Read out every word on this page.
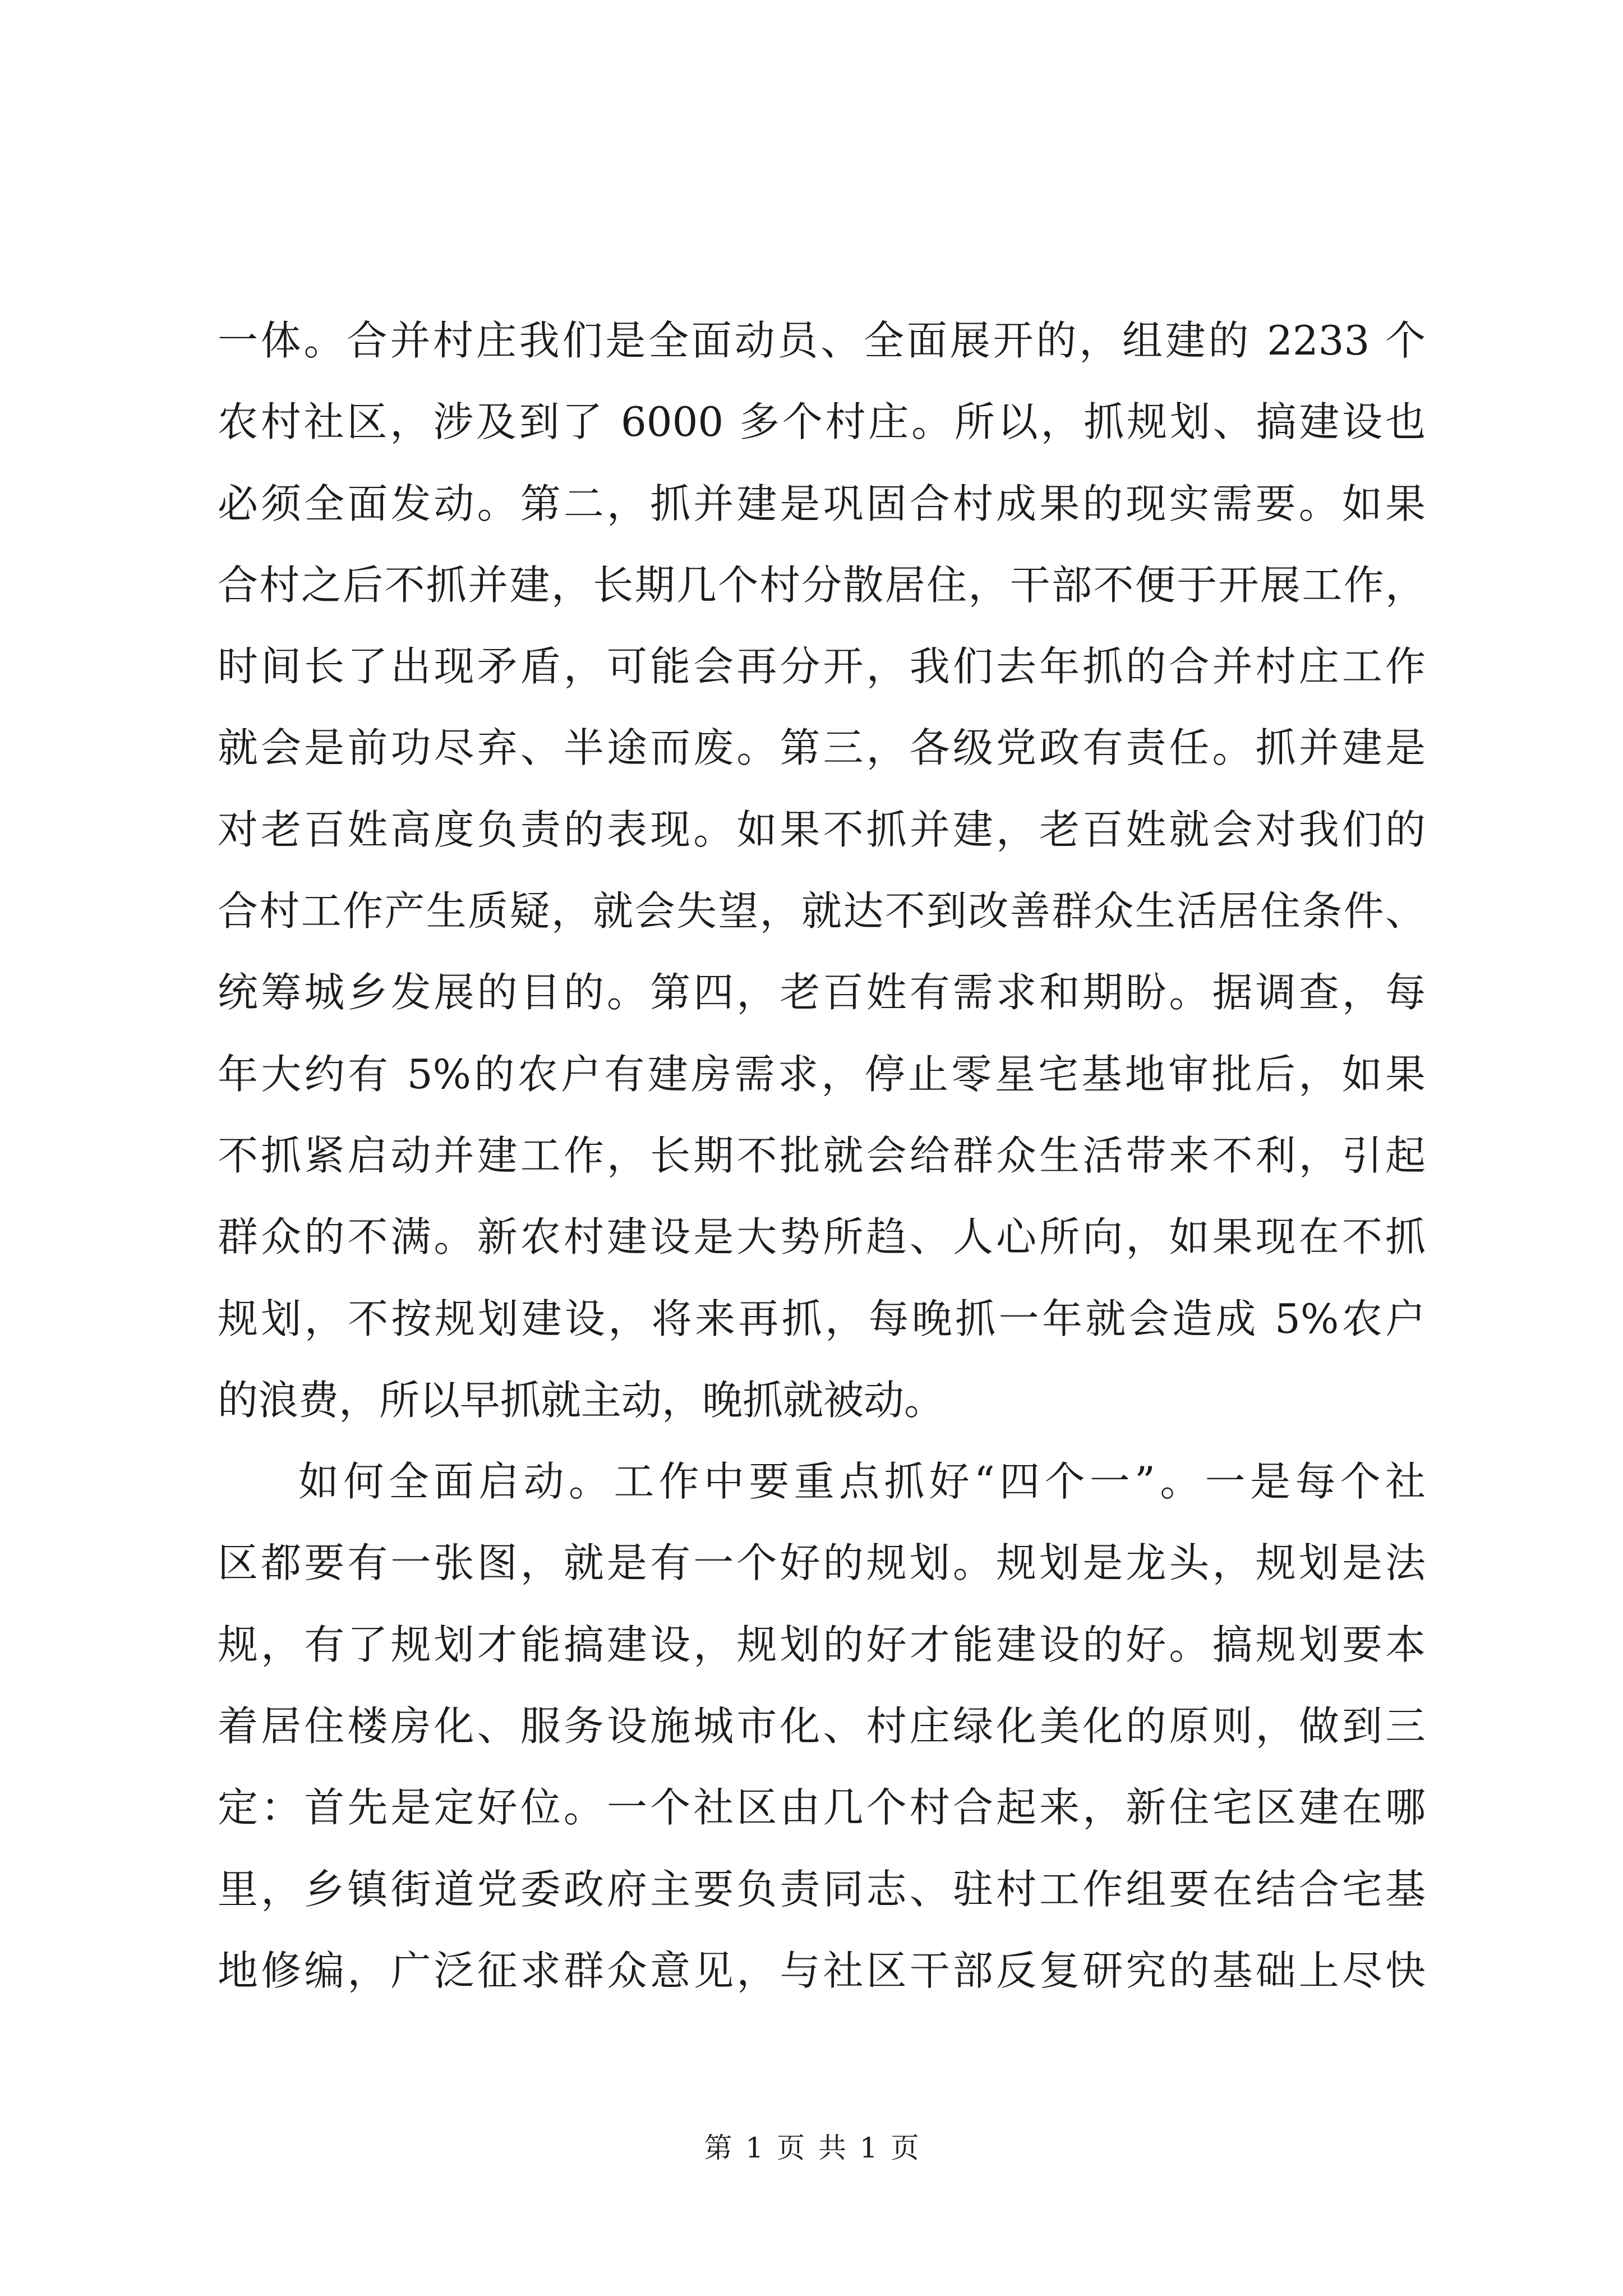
一体。合并村庄我们是全面动员、全面展开的，组建的 2233 个
农村社区，涉及到了 6000 多个村庄。所以，抓规划、搞建设也
必须全面发动。第二，抓并建是巩固合村成果的现实需要。如果
合村之后不抓并建，长期几个村分散居住，干部不便于开展工作，
时间长了出现矛盾，可能会再分开，我们去年抓的合并村庄工作
就会是前功尽弃、半途而废。第三，各级党政有责任。抓并建是
对老百姓高度负责的表现。如果不抓并建，老百姓就会对我们的
合村工作产生质疑，就会失望，就达不到改善群众生活居住条件、
统筹城乡发展的目的。第四，老百姓有需求和期盼。据调查，每
年大约有 5%的农户有建房需求，停止零星宅基地审批后，如果
不抓紧启动并建工作，长期不批就会给群众生活带来不利，引起
群众的不满。新农村建设是大势所趋、人心所向，如果现在不抓
规划，不按规划建设，将来再抓，每晚抓一年就会造成 5%农户
的浪费，所以早抓就主动，晚抓就被动。
如何全面启动。工作中要重点抓好“四个一”。一是每个社
区都要有一张图，就是有一个好的规划。规划是龙头，规划是法
规，有了规划才能搞建设，规划的好才能建设的好。搞规划要本
着居住楼房化、服务设施城市化、村庄绿化美化的原则，做到三
定：首先是定好位。一个社区由几个村合起来，新住宅区建在哪
里，乡镇街道党委政府主要负责同志、驻村工作组要在结合宅基
地修编，广泛征求群众意见，与社区干部反复研究的基础上尽快
第 1 页 共 1 页
